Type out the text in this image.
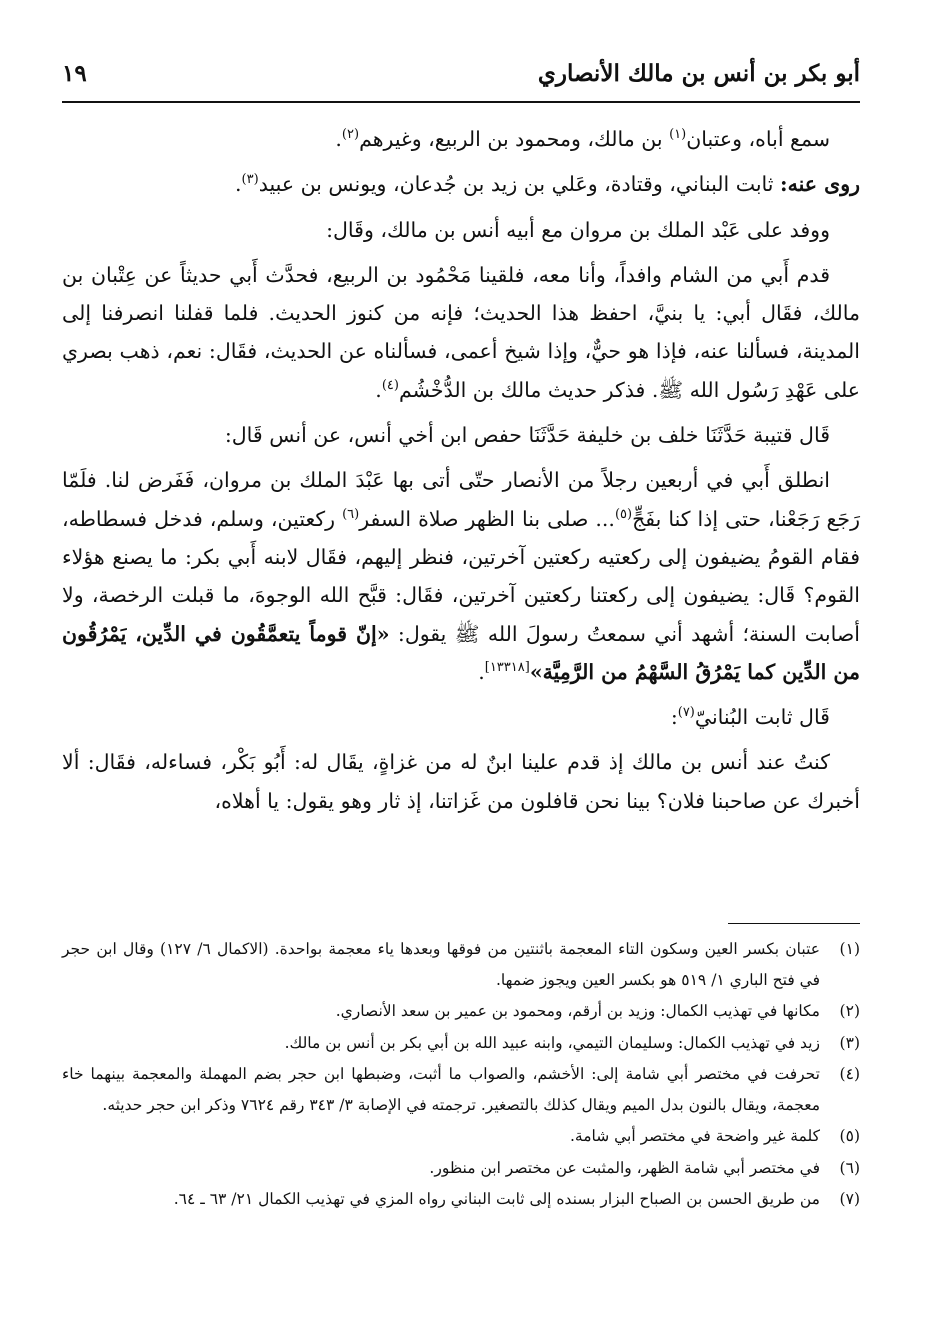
أبو بكر بن أنس بن مالك الأنصاري
١٩

سمع أباه، وعتبان$^{(١)}$ بن مالك، ومحمود بن الربيع، وغيرهم$^{(٢)}$.

روى عنه: ثابت البناني، وقتادة، وعَلي بن زيد بن جُدعان، ويونس بن عبيد$^{(٣)}$.

ووفد على عَبْد الملك بن مروان مع أبيه أنس بن مالك، وقَال:

قدم أَبي من الشام وافداً، وأنا معه، فلقينا مَحْمُود بن الربيع، فحدَّث أَبي حديثاً عن عِتْبان بن مالك، فقَال أبي: يا بنيَّ، احفظ هذا الحديث؛ فإنه من كنوز الحديث. فلما قفلنا انصرفنا إلى المدينة، فسألنا عنه، فإذا هو حيٌّ، وإذا شيخ أعمى، فسألناه عن الحديث، فقَال: نعم، ذهب بصري على عَهْدِ رَسُول الله ﷺ. فذكر حديث مالك بن الدُّخْشُم$^{(٤)}$.

قَال قتيبة حَدَّثَنَا خلف بن خليفة حَدَّثَنَا حفص ابن أخي أنس، عن أنس قَال:

انطلق أَبي في أربعين رجلاً من الأنصار حتّى أتى بها عَبْدَ الملك بن مروان، فَفَرض لنا. فلَمّا رَجَع رَجَعْنا، حتى إذا كنا بفَجٍّ$^{(٥)}$... صلى بنا الظهر صلاة السفر$^{(٦)}$ ركعتين، وسلم، فدخل فسطاطه، فقام القومُ يضيفون إلى ركعتيه ركعتين آخرتين، فنظر إليهم، فقَال لابنه أَبي بكر: ما يصنع هؤلاء القوم؟ قَال: يضيفون إلى ركعتنا ركعتين آخرتين، فقَال: قبَّح الله الوجوهَ، ما قبلت الرخصة، ولا أصابت السنة؛ أشهد أني سمعتُ رسولَ الله ﷺ يقول: «إنّ قوماً يتعمَّقُون في الدِّين، يَمْرُقُون من الدِّين كما يَمْرُقُ السَّهْمُ من الرَّمِيَّة»[١٣٣١٨].

قَال ثابت البُنانيّ$^{(٧)}$:

كنتُ عند أنس بن مالك إذ قدم علينا ابنٌ له من غزاةٍ، يقَال له: أَبُو بَكْر، فساءله، فقَال: ألا أخبرك عن صاحبنا فلان؟ بينا نحن قافلون من غَزاتنا، إذ ثار وهو يقول: يا أهلاه،

(١)
عتبان بكسر العين وسكون التاء المعجمة باثنتين من فوقها وبعدها ياء معجمة بواحدة. (الاكمال ٦/ ١٢٧) وقال ابن حجر في فتح الباري ١/ ٥١٩ هو بكسر العين ويجوز ضمها.
(٢)
مكانها في تهذيب الكمال: وزيد بن أرقم، ومحمود بن عمير بن سعد الأنصاري.
(٣)
زيد في تهذيب الكمال: وسليمان التيمي، وابنه عبيد الله بن أبي بكر بن أنس بن مالك.
(٤)
تحرفت في مختصر أبي شامة إلى: الأخشم، والصواب ما أثبت، وضبطها ابن حجر بضم المهملة والمعجمة بينهما خاء معجمة، ويقال بالنون بدل الميم ويقال كذلك بالتصغير. ترجمته في الإصابة ٣/ ٣٤٣ رقم ٧٦٢٤ وذكر ابن حجر حديثه.
(٥)
كلمة غير واضحة في مختصر أبي شامة.
(٦)
في مختصر أبي شامة الظهر، والمثبت عن مختصر ابن منظور.
(٧)
من طريق الحسن بن الصباح البزار بسنده إلى ثابت البناني رواه المزي في تهذيب الكمال ٢١/ ٦٣ ـ ٦٤.
